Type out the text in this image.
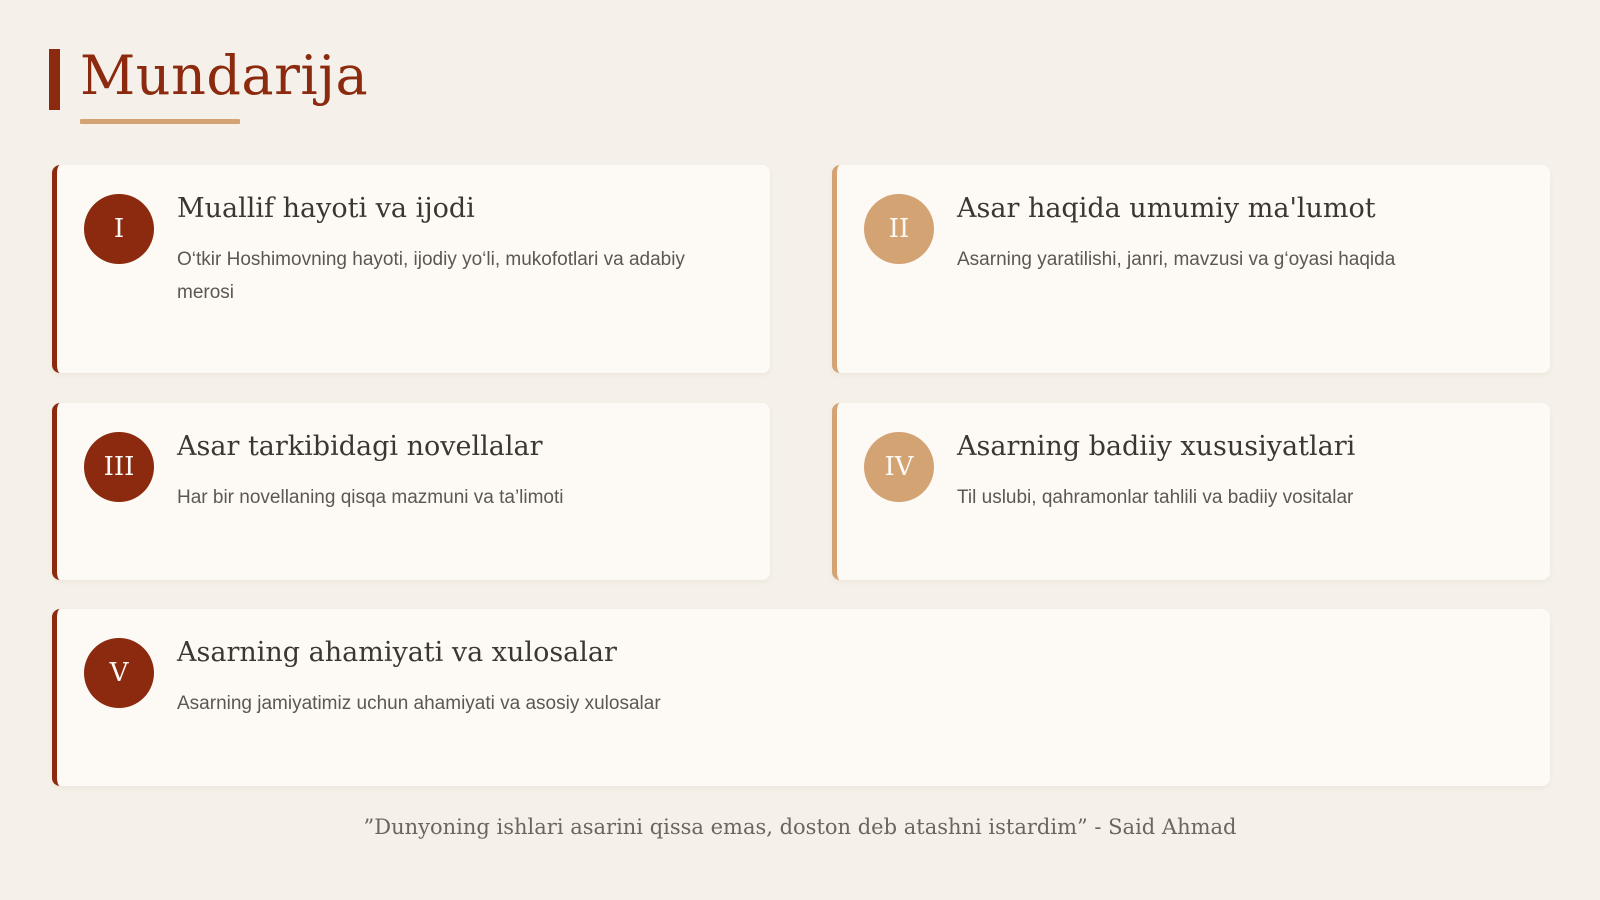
Mundarija
I
Muallif hayoti va ijodi

O‘tkir Hoshimovning hayoti, ijodiy yo‘li, mukofotlari va adabiy merosi

II
Asar haqida umumiy ma'lumot

Asarning yaratilishi, janri, mavzusi va g‘oyasi haqida

III
Asar tarkibidagi novellalar

Har bir novellaning qisqa mazmuni va ta’limoti

IV
Asarning badiiy xususiyatlari

Til uslubi, qahramonlar tahlili va badiiy vositalar

V
Asarning ahamiyati va xulosalar

Asarning jamiyatimiz uchun ahamiyati va asosiy xulosalar

”Dunyoning ishlari asarini qissa emas, doston deb atashni istardim” - Said Ahmad
